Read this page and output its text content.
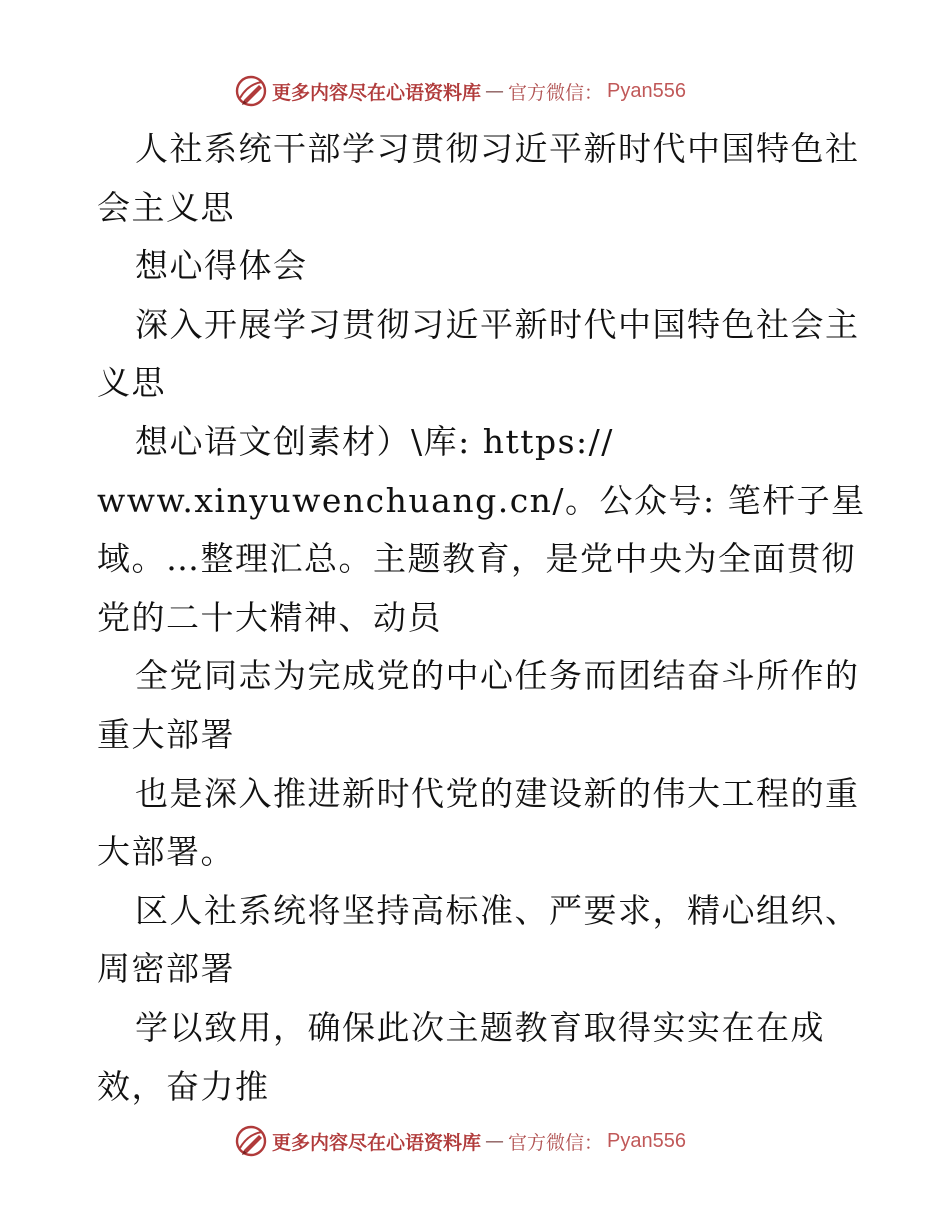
更多内容尽在心语资料库 — 官方微信： Pyan556
人社系统干部学习贯彻习近平新时代中国特色社
会主义思
想心得体会
深入开展学习贯彻习近平新时代中国特色社会主
义思
想心语文创素材）\库: https://
www.xinyuwenchuang.cn/。公众号: 笔杆子星
域。…整理汇总。主题教育，是党中央为全面贯彻
党的二十大精神、动员
全党同志为完成党的中心任务而团结奋斗所作的
重大部署
也是深入推进新时代党的建设新的伟大工程的重
大部署。
区人社系统将坚持高标准、严要求，精心组织、
周密部署
学以致用，确保此次主题教育取得实实在在成
效，奋力推
更多内容尽在心语资料库 — 官方微信： Pyan556
